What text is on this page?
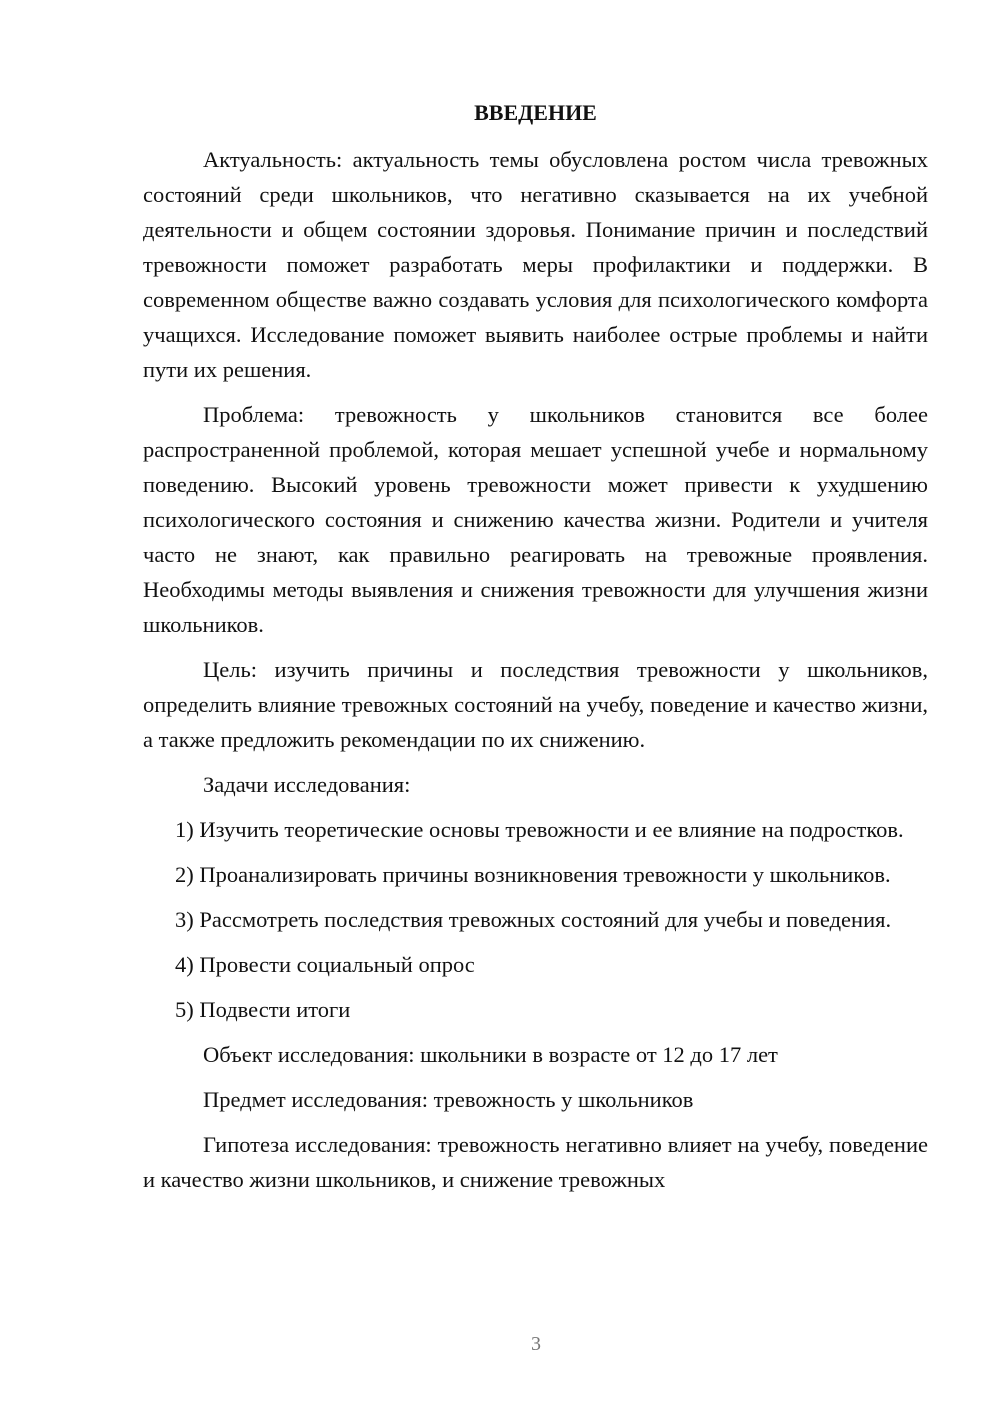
ВВЕДЕНИЕ

Актуальность: актуальность темы обусловлена ростом числа тревожных состояний среди школьников, что негативно сказывается на их учебной деятельности и общем состоянии здоровья. Понимание причин и последствий тревожности поможет разработать меры профилактики и поддержки. В современном обществе важно создавать условия для психологического комфорта учащихся. Исследование поможет выявить наиболее острые проблемы и найти пути их решения.

Проблема: тревожность у школьников становится все более распространенной проблемой, которая мешает успешной учебе и нормальному поведению. Высокий уровень тревожности может привести к ухудшению психологического состояния и снижению качества жизни. Родители и учителя часто не знают, как правильно реагировать на тревожные проявления. Необходимы методы выявления и снижения тревожности для улучшения жизни школьников.

Цель: изучить причины и последствия тревожности у школьников, определить влияние тревожных состояний на учебу, поведение и качество жизни, а также предложить рекомендации по их снижению.

Задачи исследования:

1) Изучить теоретические основы тревожности и ее влияние на подростков.

2) Проанализировать причины возникновения тревожности у школьников.

3) Рассмотреть последствия тревожных состояний для учебы и поведения.

4) Провести социальный опрос

5) Подвести итоги

Объект исследования: школьники в возрасте от 12 до 17 лет

Предмет исследования: тревожность у школьников

Гипотеза исследования: тревожность негативно влияет на учебу, поведение и качество жизни школьников, и снижение тревожных

3
